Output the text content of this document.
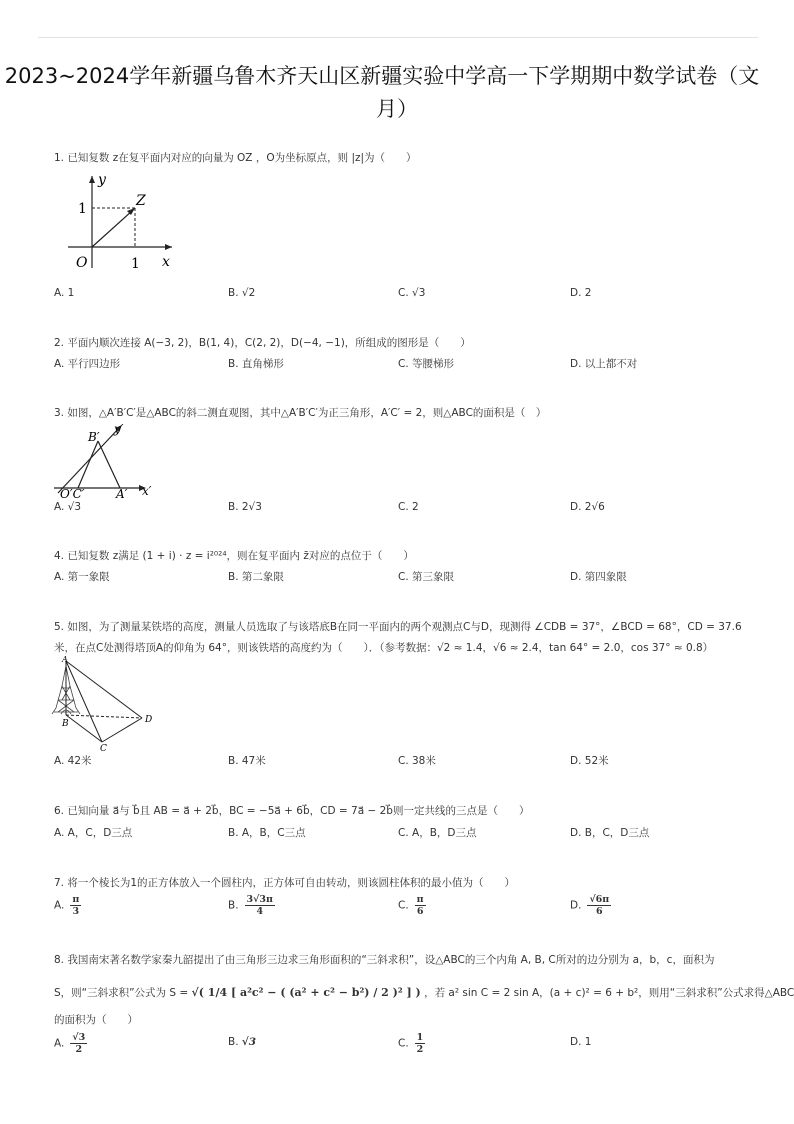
2023~2024学年新疆乌鲁木齐天山区新疆实验中学高一下学期期中数学试卷（文
月）
1. 已知复数 z在复平面内对应的向量为 OZ ，O为坐标原点，则 |z|为（　　）
y
x
O
Z
1
1
A. 1	B. √2	C. √3	D. 2
2. 平面内顺次连接 A(−3, 2)，B(1, 4)，C(2, 2)，D(−4, −1)，所组成的图形是（　　）
A. 平行四边形	B. 直角梯形	C. 等腰梯形	D. 以上都不对
3. 如图，△A′B′C′是△ABC的斜二测直观图，其中△A′B′C′为正三角形，A′C′ = 2，则△ABC的面积是（　）
B′
y′
O′C′	A′ x′
A. √3	B. 2√3	C. 2	D. 2√6
4. 已知复数 z满足 (1 + i) · z = i²⁰²⁴，则在复平面内 z̄对应的点位于（　　）
A. 第一象限	B. 第二象限	C. 第三象限	D. 第四象限
5. 如图，为了测量某铁塔的高度，测量人员选取了与该塔底B在同一平面内的两个观测点C与D，现测得 ∠CDB = 37°，∠BCD = 68°，CD = 37.6
米，在点C处测得塔顶A的仰角为 64°，则该铁塔的高度约为（　　）．（参考数据：√2 ≈ 1.4，√6 ≈ 2.4，tan 64° = 2.0，cos 37° ≈ 0.8）
A
B
C
D
A. 42米	B. 47米	C. 38米	D. 52米
6. 已知向量 a⃗与 b⃗且 AB = a⃗ + 2b⃗，BC = −5a⃗ + 6b⃗，CD = 7a⃗ − 2b⃗则一定共线的三点是（　　）
A. A，C，D三点	B. A，B，C三点	C. A，B，D三点	D. B，C，D三点
7. 将一个棱长为1的正方体放入一个圆柱内，正方体可自由转动，则该圆柱体积的最小值为（　　）
A. $\frac{\pi}{3}$	B. $\frac{3√3\pi}{4}$	C. $\frac{\pi}{6}$	D. $\frac{√6\pi}{6}$
8. 我国南宋著名数学家秦九韶提出了由三角形三边求三角形面积的“三斜求积”，设△ABC的三个内角 A, B, C所对的边分别为 a，b，c，面积为
S，则“三斜求积”公式为 S = √( 1/4 [ a²c² − ( (a² + c² − b²) / 2 )² ] ) ，若 a² sin C = 2 sin A，(a + c)² = 6 + b²，则用“三斜求积”公式求得△ABC
的面积为（　　）
A. $\frac{√3}{2}$	B. √3	C. $\frac{1}{2}$	D. 1
